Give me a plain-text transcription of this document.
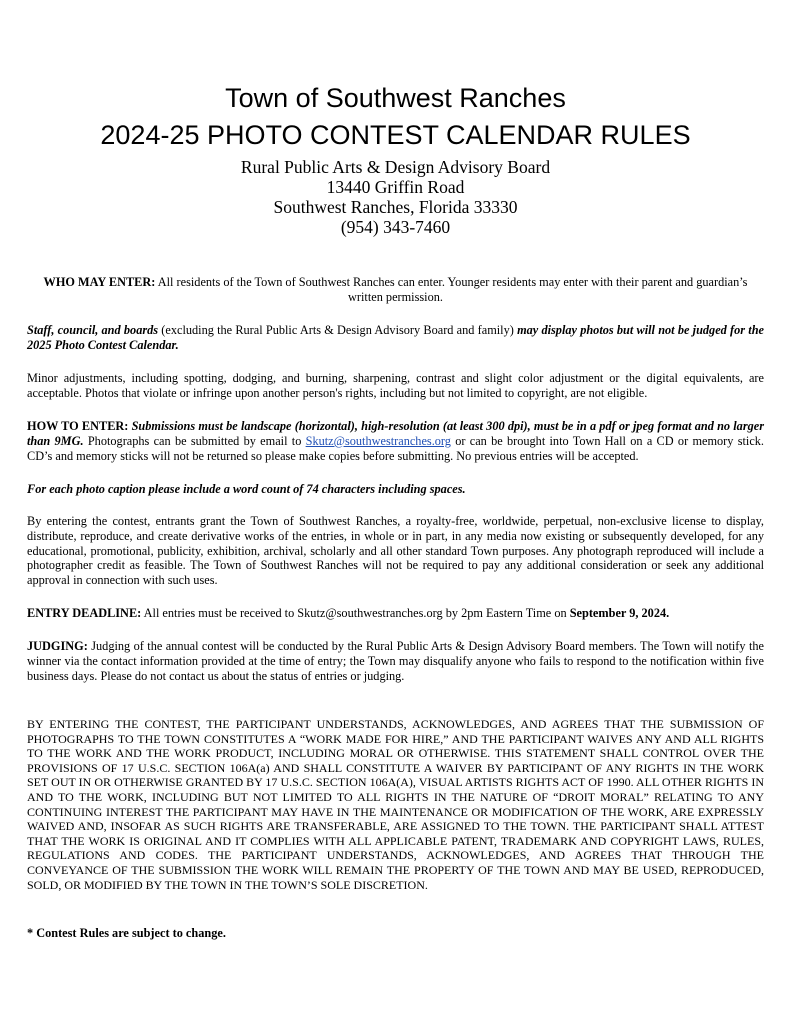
Town of Southwest Ranches
2024-25 PHOTO CONTEST CALENDAR RULES
Rural Public Arts & Design Advisory Board
13440 Griffin Road
Southwest Ranches, Florida 33330
(954) 343-7460
WHO MAY ENTER: All residents of the Town of Southwest Ranches can enter. Younger residents may enter with their parent and guardian’s written permission.
Staff, council, and boards (excluding the Rural Public Arts & Design Advisory Board and family) may display photos but will not be judged for the 2025 Photo Contest Calendar.
Minor adjustments, including spotting, dodging, and burning, sharpening, contrast and slight color adjustment or the digital equivalents, are acceptable. Photos that violate or infringe upon another person's rights, including but not limited to copyright, are not eligible.
HOW TO ENTER: Submissions must be landscape (horizontal), high-resolution (at least 300 dpi), must be in a pdf or jpeg format and no larger than 9MG. Photographs can be submitted by email to Skutz@southwestranches.org or can be brought into Town Hall on a CD or memory stick. CD’s and memory sticks will not be returned so please make copies before submitting. No previous entries will be accepted.
For each photo caption please include a word count of 74 characters including spaces.
By entering the contest, entrants grant the Town of Southwest Ranches, a royalty-free, worldwide, perpetual, non-exclusive license to display, distribute, reproduce, and create derivative works of the entries, in whole or in part, in any media now existing or subsequently developed, for any educational, promotional, publicity, exhibition, archival, scholarly and all other standard Town purposes. Any photograph reproduced will include a photographer credit as feasible. The Town of Southwest Ranches will not be required to pay any additional consideration or seek any additional approval in connection with such uses.
ENTRY DEADLINE: All entries must be received to Skutz@southwestranches.org by 2pm Eastern Time on September 9, 2024.
JUDGING: Judging of the annual contest will be conducted by the Rural Public Arts & Design Advisory Board members. The Town will notify the winner via the contact information provided at the time of entry; the Town may disqualify anyone who fails to respond to the notification within five business days. Please do not contact us about the status of entries or judging.
BY ENTERING THE CONTEST, THE PARTICIPANT UNDERSTANDS, ACKNOWLEDGES, AND AGREES THAT THE SUBMISSION OF PHOTOGRAPHS TO THE TOWN CONSTITUTES A “WORK MADE FOR HIRE,” AND THE PARTICIPANT WAIVES ANY AND ALL RIGHTS TO THE WORK AND THE WORK PRODUCT, INCLUDING MORAL OR OTHERWISE. THIS STATEMENT SHALL CONTROL OVER THE PROVISIONS OF 17 U.S.C. SECTION 106A(a) AND SHALL CONSTITUTE A WAIVER BY PARTICIPANT OF ANY RIGHTS IN THE WORK SET OUT IN OR OTHERWISE GRANTED BY 17 U.S.C. SECTION 106A(A), VISUAL ARTISTS RIGHTS ACT OF 1990. ALL OTHER RIGHTS IN AND TO THE WORK, INCLUDING BUT NOT LIMITED TO ALL RIGHTS IN THE NATURE OF “DROIT MORAL” RELATING TO ANY CONTINUING INTEREST THE PARTICIPANT MAY HAVE IN THE MAINTENANCE OR MODIFICATION OF THE WORK, ARE EXPRESSLY WAIVED AND, INSOFAR AS SUCH RIGHTS ARE TRANSFERABLE, ARE ASSIGNED TO THE TOWN. THE PARTICIPANT SHALL ATTEST THAT THE WORK IS ORIGINAL AND IT COMPLIES WITH ALL APPLICABLE PATENT, TRADEMARK AND COPYRIGHT LAWS, RULES, REGULATIONS AND CODES. THE PARTICIPANT UNDERSTANDS, ACKNOWLEDGES, AND AGREES THAT THROUGH THE CONVEYANCE OF THE SUBMISSION THE WORK WILL REMAIN THE PROPERTY OF THE TOWN AND MAY BE USED, REPRODUCED, SOLD, OR MODIFIED BY THE TOWN IN THE TOWN’S SOLE DISCRETION.
* Contest Rules are subject to change.
